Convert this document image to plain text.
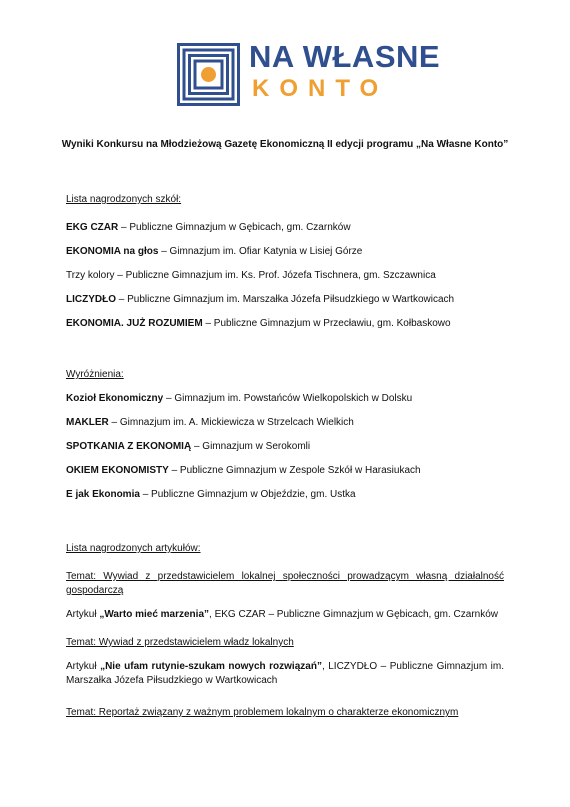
NA WŁASNE
KONTO
Wyniki Konkursu na Młodzieżową Gazetę Ekonomiczną II edycji programu „Na Własne Konto”
Lista nagrodzonych szkół:
EKG CZAR – Publiczne Gimnazjum w Gębicach, gm. Czarnków
EKONOMIA na głos – Gimnazjum im. Ofiar Katynia w Lisiej Górze
Trzy kolory – Publiczne Gimnazjum im. Ks. Prof. Józefa Tischnera, gm. Szczawnica
LICZYDŁO – Publiczne Gimnazjum im. Marszałka Józefa Piłsudzkiego w Wartkowicach
EKONOMIA. JUŻ ROZUMIEM – Publiczne Gimnazjum w Przecławiu, gm. Kołbaskowo
Wyróżnienia:
Kozioł Ekonomiczny – Gimnazjum im. Powstańców Wielkopolskich w Dolsku
MAKLER – Gimnazjum im. A. Mickiewicza w Strzelcach Wielkich
SPOTKANIA Z EKONOMIĄ – Gimnazjum w Serokomli
OKIEM EKONOMISTY – Publiczne Gimnazjum w Zespole Szkół w Harasiukach
E jak Ekonomia – Publiczne Gimnazjum w Objeździe, gm. Ustka
Lista nagrodzonych artykułów:
Temat: Wywiad z przedstawicielem lokalnej społeczności prowadzącym własną działalność gospodarczą
Artykuł „Warto mieć marzenia”, EKG CZAR – Publiczne Gimnazjum w Gębicach, gm. Czarnków
Temat: Wywiad z przedstawicielem władz lokalnych
Artykuł „Nie ufam rutynie-szukam nowych rozwiązań”, LICZYDŁO – Publiczne Gimnazjum im. Marszałka Józefa Piłsudzkiego w Wartkowicach
Temat: Reportaż związany z ważnym problemem lokalnym o charakterze ekonomicznym
